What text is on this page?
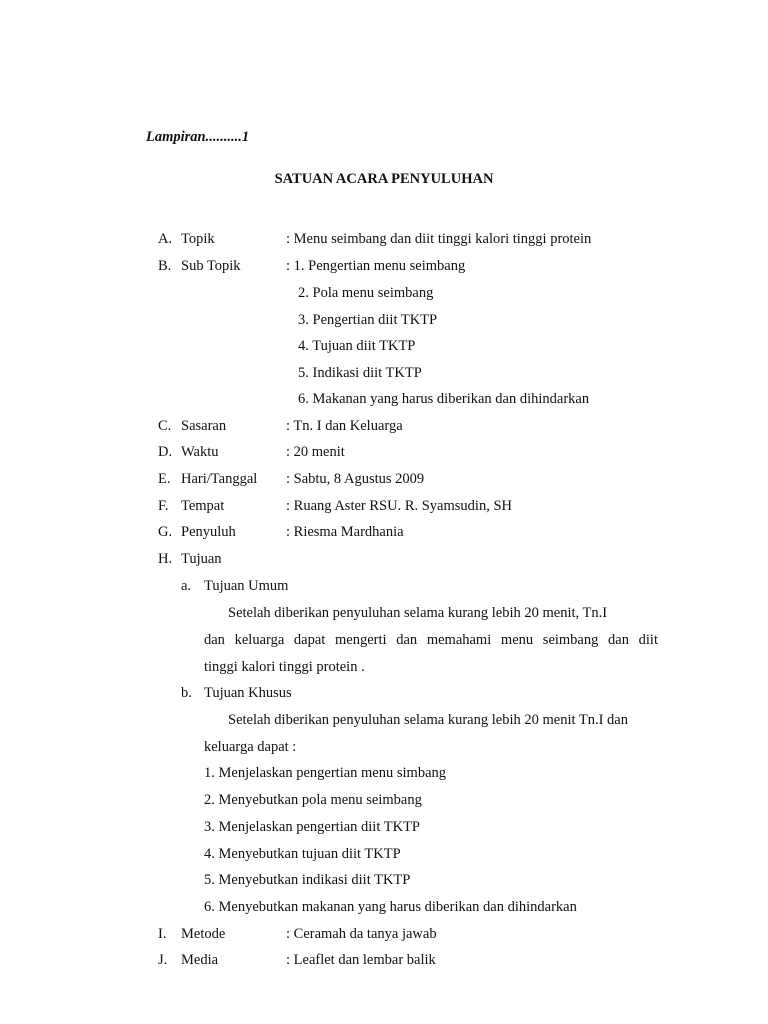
Lampiran..........1
SATUAN ACARA PENYULUHAN
A. Topik	: Menu seimbang dan diit tinggi kalori tinggi protein
B. Sub Topik	: 1. Pengertian menu seimbang
2. Pola menu seimbang
3. Pengertian diit TKTP
4. Tujuan diit TKTP
5. Indikasi diit TKTP
6. Makanan yang harus diberikan dan dihindarkan
C. Sasaran	: Tn. I dan Keluarga
D. Waktu	: 20 menit
E. Hari/Tanggal : Sabtu, 8 Agustus 2009
F. Tempat	: Ruang Aster RSU. R. Syamsudin, SH
G. Penyuluh	: Riesma Mardhania
H. Tujuan
a. Tujuan Umum
Setelah diberikan penyuluhan selama kurang lebih 20 menit, Tn.I
dan keluarga dapat mengerti dan memahami menu seimbang dan diit
tinggi kalori tinggi protein .
b. Tujuan Khusus
Setelah diberikan penyuluhan selama kurang lebih 20 menit Tn.I dan
keluarga dapat :
1. Menjelaskan pengertian menu simbang
2. Menyebutkan pola menu seimbang
3. Menjelaskan pengertian diit TKTP
4. Menyebutkan tujuan diit TKTP
5. Menyebutkan indikasi diit TKTP
6. Menyebutkan makanan yang harus diberikan dan dihindarkan
I. Metode	: Ceramah da tanya jawab
J. Media	: Leaflet dan lembar balik
